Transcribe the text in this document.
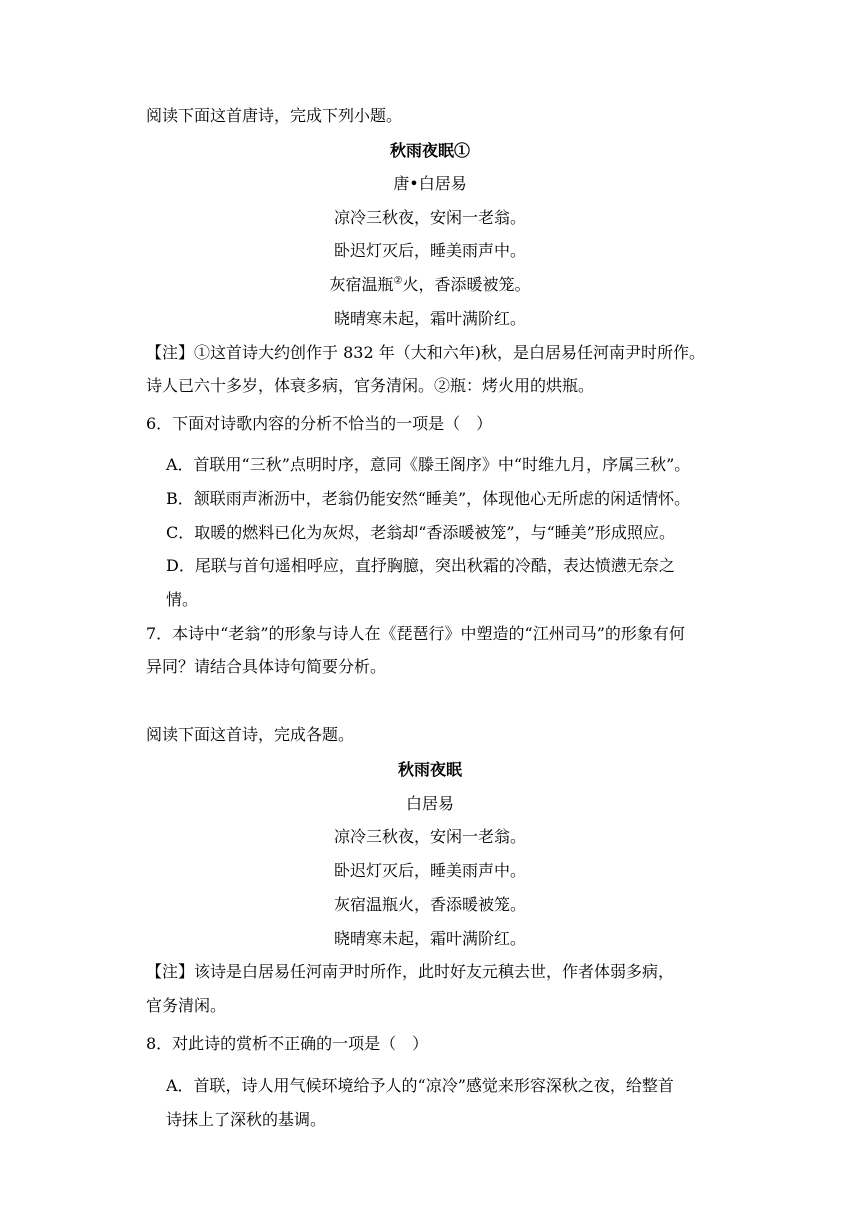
阅读下面这首唐诗，完成下列小题。
秋雨夜眠①
唐•白居易
凉冷三秋夜，安闲一老翁。
卧迟灯灭后，睡美雨声中。
灰宿温瓶②火，香添暖被笼。
晓晴寒未起，霜叶满阶红。
【注】①这首诗大约创作于 832 年（大和六年)秋，是白居易任河南尹时所作。
诗人已六十多岁，体衰多病，官务清闲。②瓶：烤火用的烘瓶。
6．下面对诗歌内容的分析不恰当的一项是（　）
A．首联用“三秋”点明时序，意同《滕王阁序》中“时维九月，序属三秋”。
B．颔联雨声淅沥中，老翁仍能安然“睡美”，体现他心无所虑的闲适情怀。
C．取暖的燃料已化为灰烬，老翁却“香添暖被笼”，与“睡美”形成照应。
D．尾联与首句遥相呼应，直抒胸臆，突出秋霜的冷酷，表达愤懑无奈之
情。
7．本诗中“老翁”的形象与诗人在《琵琶行》中塑造的“江州司马”的形象有何
异同？请结合具体诗句简要分析。
阅读下面这首诗，完成各题。
秋雨夜眠
白居易
凉冷三秋夜，安闲一老翁。
卧迟灯灭后，睡美雨声中。
灰宿温瓶火，香添暖被笼。
晓晴寒未起，霜叶满阶红。
【注】该诗是白居易任河南尹时所作，此时好友元稹去世，作者体弱多病，
官务清闲。
8．对此诗的赏析不正确的一项是（　）
A．首联，诗人用气候环境给予人的“凉冷”感觉来形容深秋之夜，给整首
诗抹上了深秋的基调。
